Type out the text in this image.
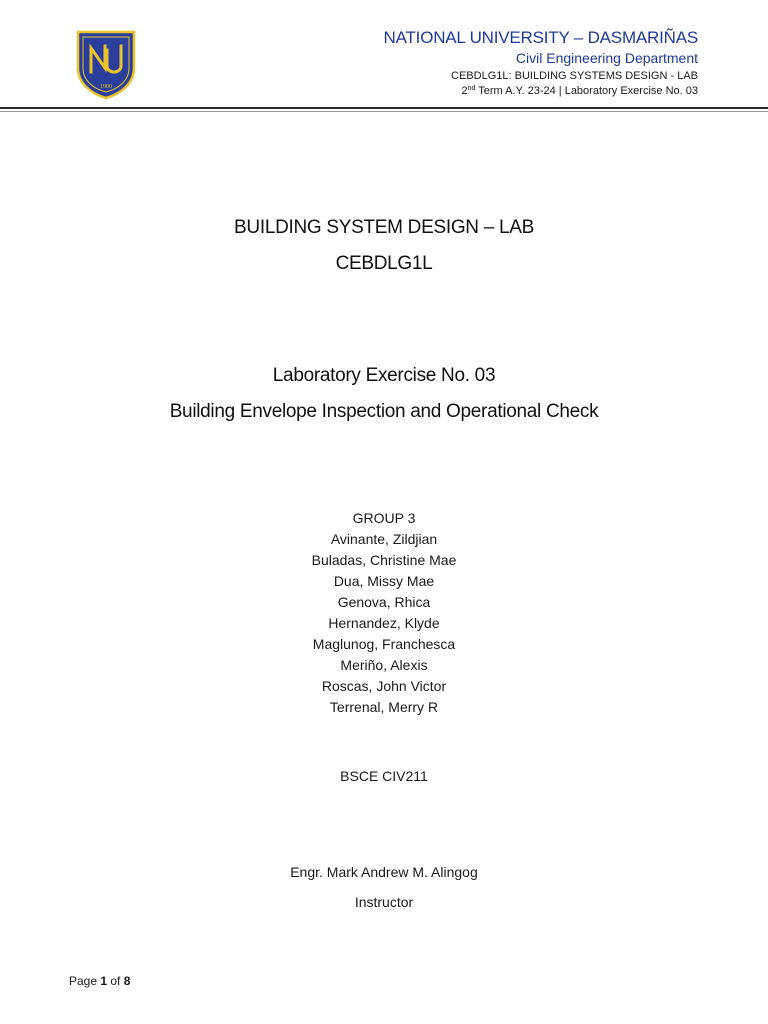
1900
NATIONAL UNIVERSITY – DASMARIÑAS
Civil Engineering Department
CEBDLG1L: BUILDING SYSTEMS DESIGN - LAB
2nd Term A.Y. 23-24 | Laboratory Exercise No. 03
BUILDING SYSTEM DESIGN – LAB
CEBDLG1L
Laboratory Exercise No. 03
Building Envelope Inspection and Operational Check
GROUP 3
Avinante, Zildjian
Buladas, Christine Mae
Dua, Missy Mae
Genova, Rhica
Hernandez, Klyde
Maglunog, Franchesca
Meriño, Alexis
Roscas, John Victor
Terrenal, Merry R
BSCE CIV211
Engr. Mark Andrew M. Alingog
Instructor
Page 1 of 8
